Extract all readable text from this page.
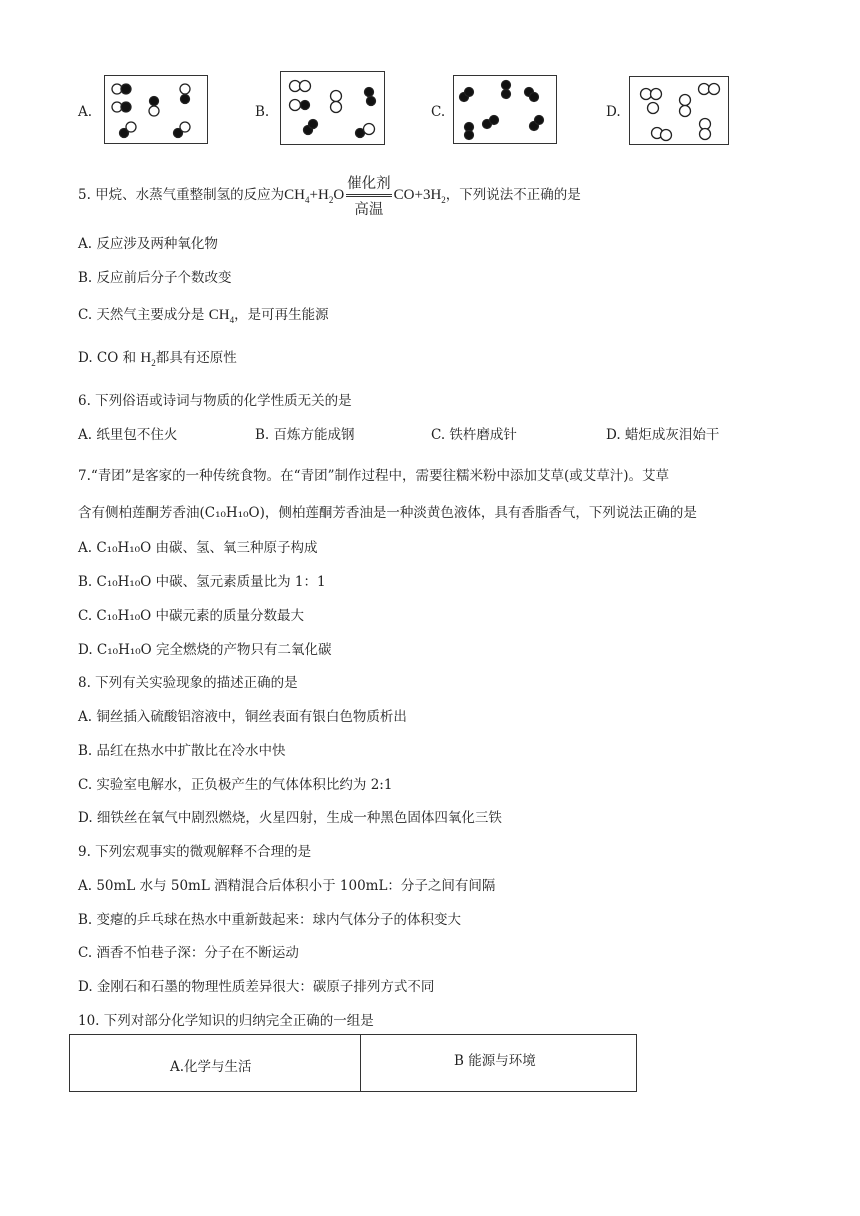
A.	B.	C.	D.
5. 甲烷、水蒸气重整制氢的反应为$CH_4+H_2O \frac{\text{催化剂}}{\text{高温}} CO+3H_2$，下列说法不正确的是
A. 反应涉及两种氧化物
B. 反应前后分子个数改变
C. 天然气主要成分是 $CH_4$，是可再生能源
D. CO 和 $H_2$都具有还原性
6. 下列俗语或诗词与物质的化学性质无关的是
A. 纸里包不住火	B. 百炼方能成钢	C. 铁杵磨成针	D. 蜡炬成灰泪始干
7.“青团”是客家的一种传统食物。在“青团”制作过程中，需要往糯米粉中添加艾草(或艾草汁)。艾草
含有侧柏莲酮芳香油(C₁₀H₁₀O)，侧柏莲酮芳香油是一种淡黄色液体，具有香脂香气，下列说法正确的是
A. C₁₀H₁₀O 由碳、氢、氧三种原子构成
B. C₁₀H₁₀O 中碳、氢元素质量比为 1：1
C. C₁₀H₁₀O 中碳元素的质量分数最大
D. C₁₀H₁₀O 完全燃烧的产物只有二氧化碳
8. 下列有关实验现象的描述正确的是
A. 铜丝插入硫酸铝溶液中，铜丝表面有银白色物质析出
B. 品红在热水中扩散比在冷水中快
C. 实验室电解水，正负极产生的气体体积比约为 2:1
D. 细铁丝在氧气中剧烈燃烧，火星四射，生成一种黑色固体四氧化三铁
9. 下列宏观事实的微观解释不合理的是
A. 50mL 水与 50mL 酒精混合后体积小于 100mL：分子之间有间隔
B. 变瘪的乒乓球在热水中重新鼓起来：球内气体分子的体积变大
C. 酒香不怕巷子深：分子在不断运动
D. 金刚石和石墨的物理性质差异很大：碳原子排列方式不同
10. 下列对部分化学知识的归纳完全正确的一组是
A.化学与生活	B 能源与环境
